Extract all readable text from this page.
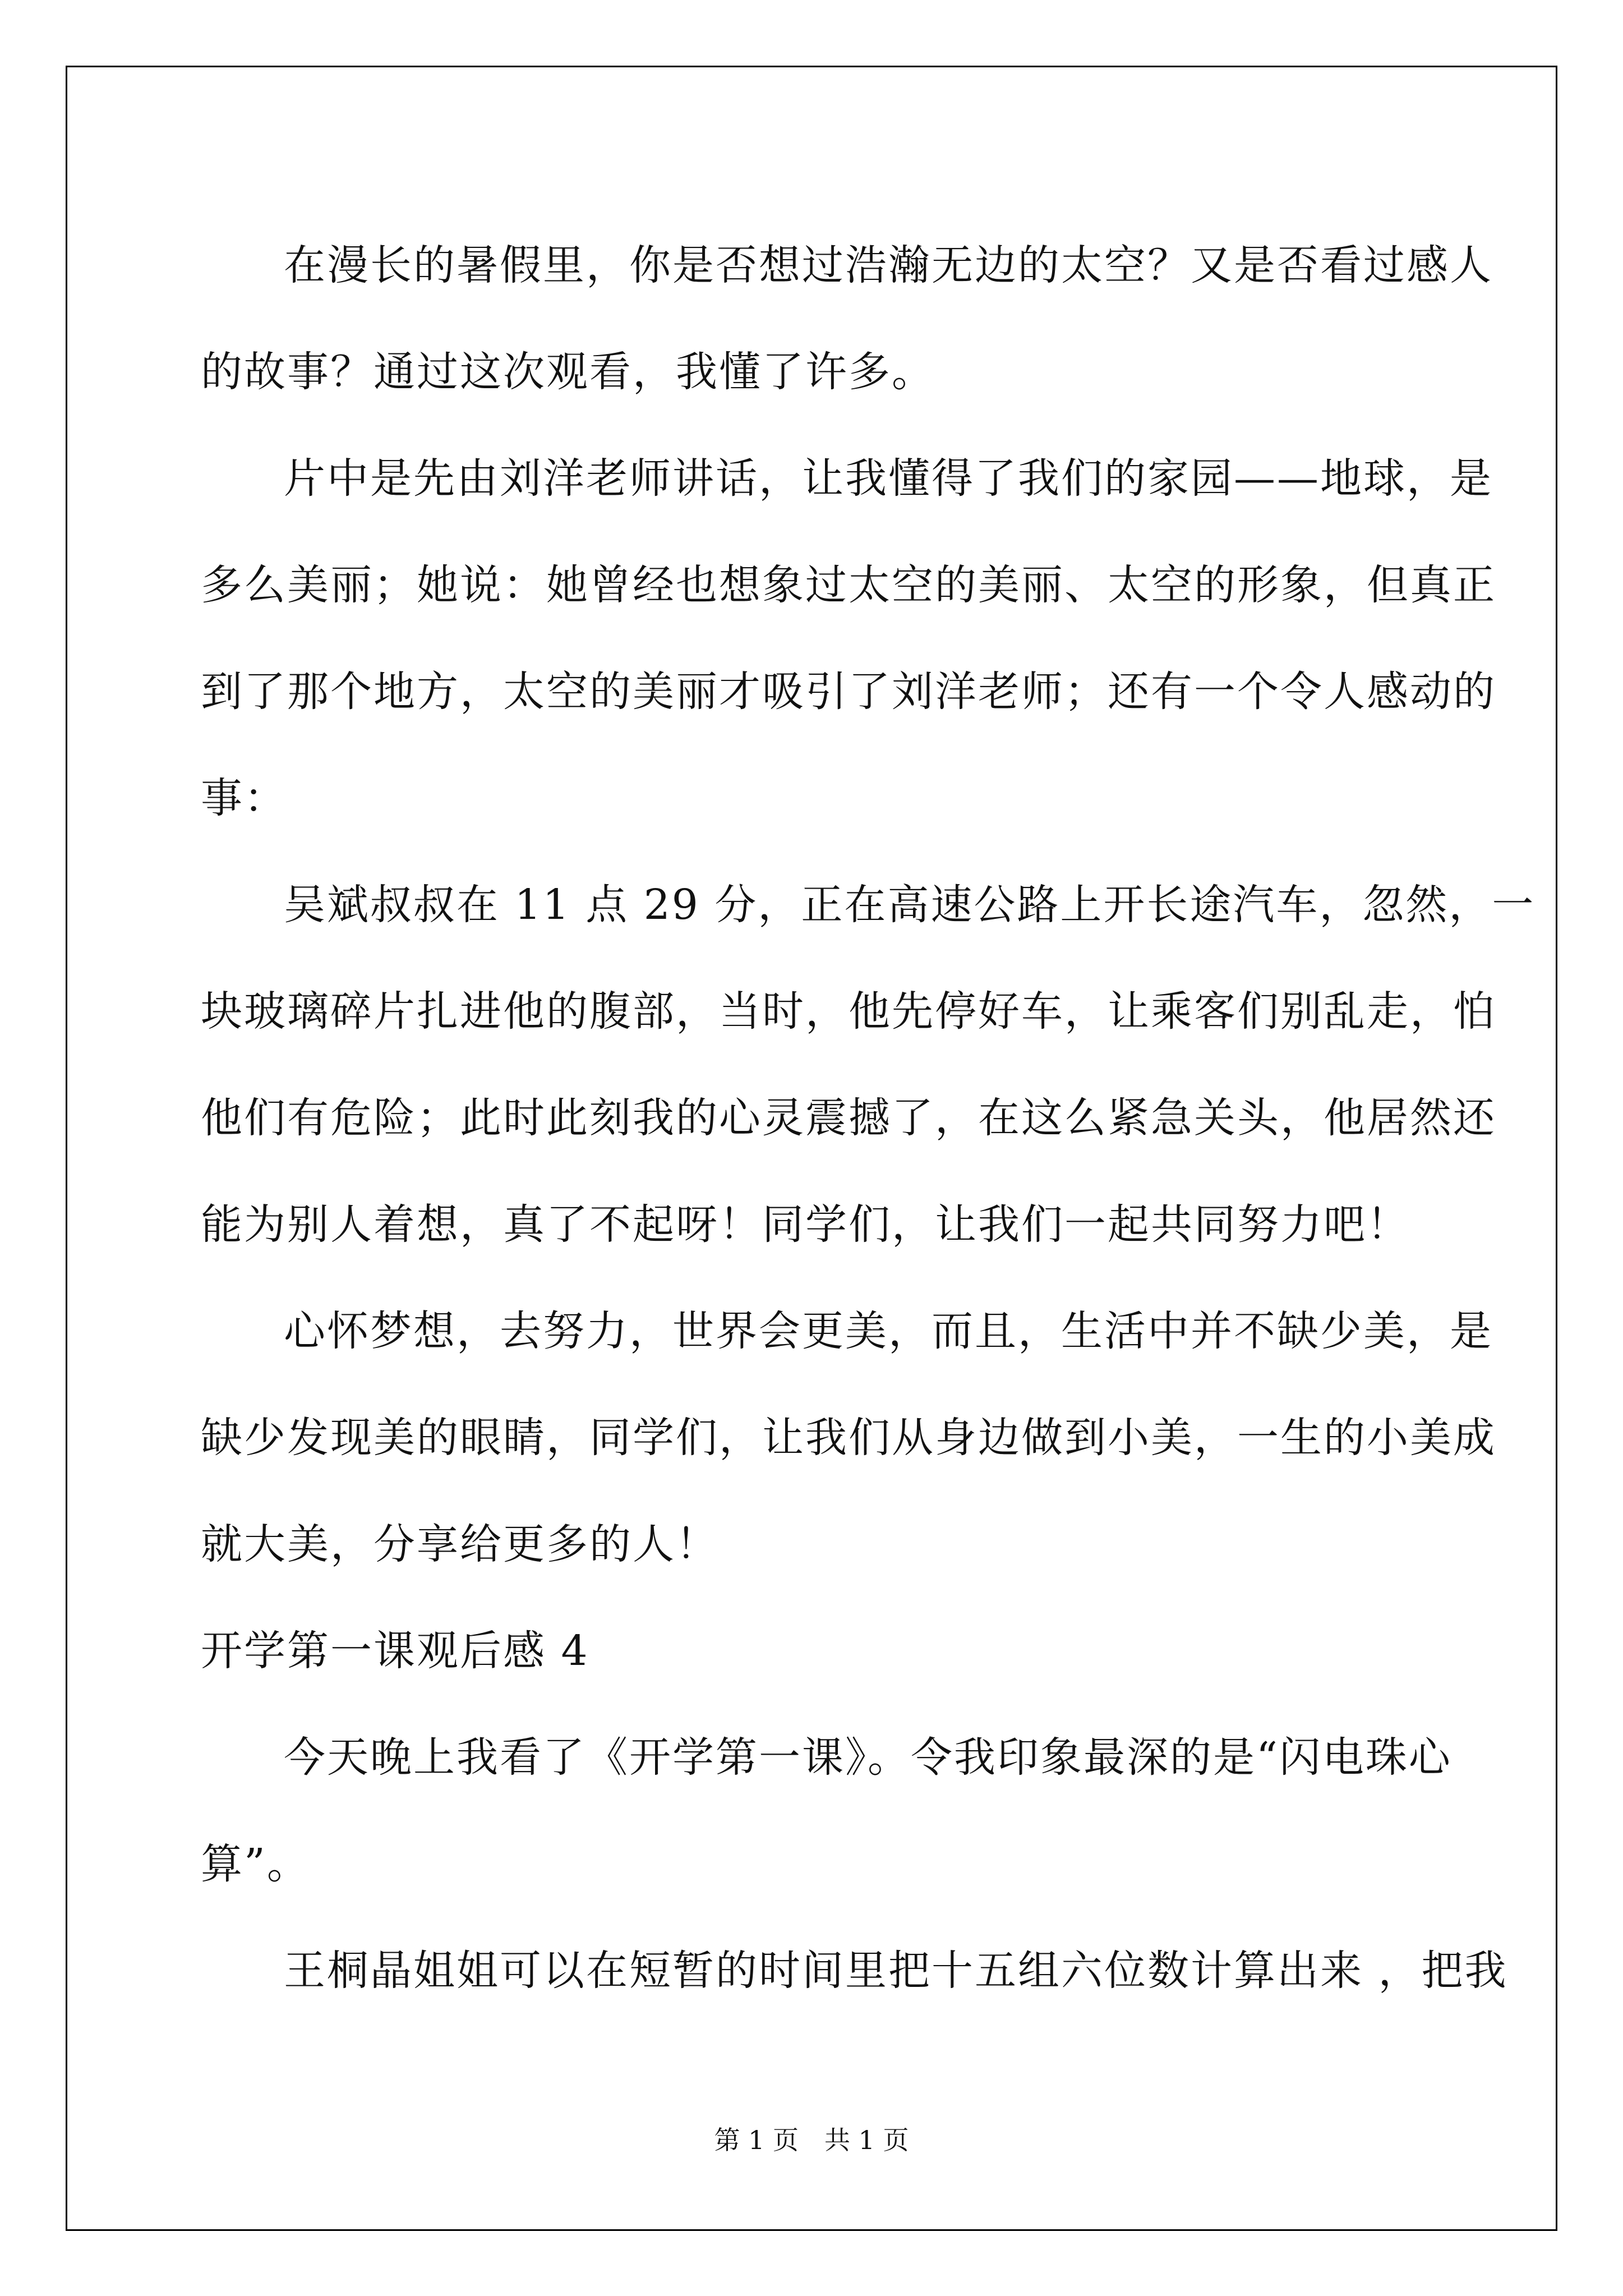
在漫长的暑假里，你是否想过浩瀚无边的太空？又是否看过感人
的故事？通过这次观看，我懂了许多。
片中是先由刘洋老师讲话，让我懂得了我们的家园——地球，是
多么美丽；她说：她曾经也想象过太空的美丽、太空的形象，但真正
到了那个地方，太空的美丽才吸引了刘洋老师；还有一个令人感动的
事：
吴斌叔叔在 11 点 29 分，正在高速公路上开长途汽车，忽然，一
块玻璃碎片扎进他的腹部，当时，他先停好车，让乘客们别乱走，怕
他们有危险；此时此刻我的心灵震撼了，在这么紧急关头，他居然还
能为别人着想，真了不起呀！同学们，让我们一起共同努力吧！
心怀梦想，去努力，世界会更美，而且，生活中并不缺少美，是
缺少发现美的眼睛，同学们，让我们从身边做到小美，一生的小美成
就大美，分享给更多的人！
开学第一课观后感 4
今天晚上我看了《开学第一课》。令我印象最深的是“闪电珠心
算”。
王桐晶姐姐可以在短暂的时间里把十五组六位数计算出来 ，把我
第 1 页　共 1 页
